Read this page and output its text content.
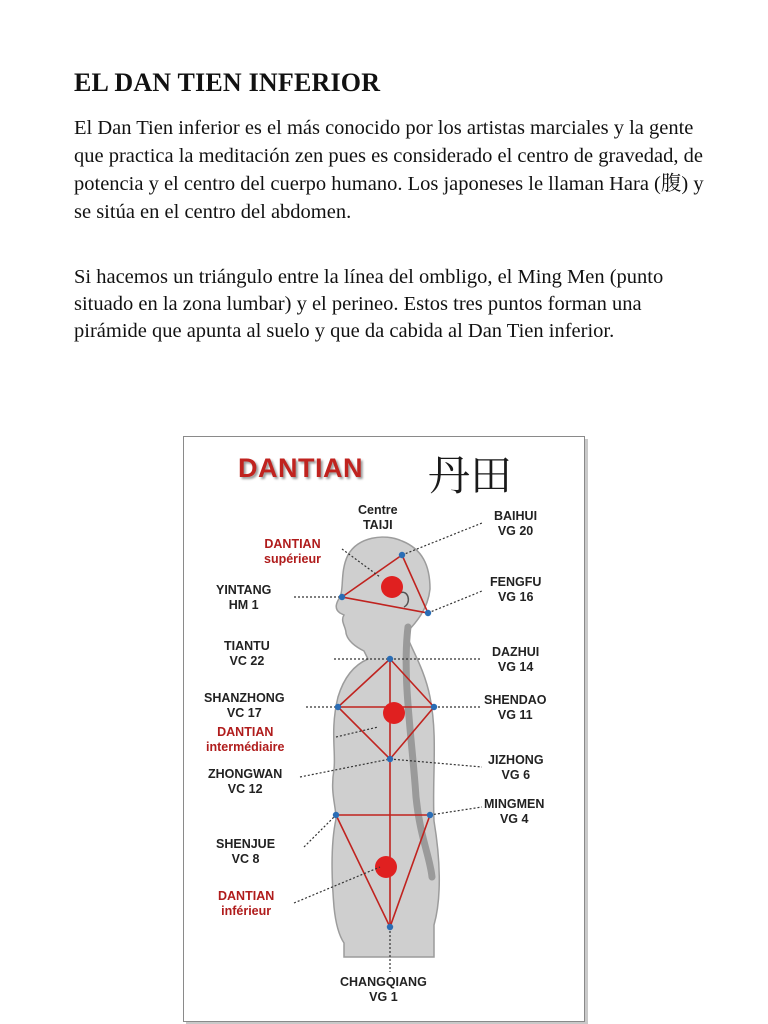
EL DAN TIEN INFERIOR

El Dan Tien inferior es el más conocido por los artistas marciales y la gente que practica la meditación zen pues es considerado el centro de gravedad, de potencia y el centro del cuerpo humano. Los japoneses le llaman Hara (腹) y se sitúa en el centro del abdomen.

Si hacemos un triángulo entre la línea del ombligo, el Ming Men (punto situado en la zona lumbar) y el perineo. Estos tres puntos forman una pirámide que apunta al suelo y que da cabida al Dan Tien inferior.

DANTIAN 丹田
Centre
TAIJI
DANTIAN
supérieur
YINTANG
HM 1
TIANTU
VC 22
SHANZHONG
VC 17
DANTIAN
intermédiaire
ZHONGWAN
VC 12
SHENJUE
VC 8
DANTIAN
inférieur
BAIHUI
VG 20
FENGFU
VG 16
DAZHUI
VG 14
SHENDAO
VG 11
JIZHONG
VG 6
MINGMEN
VG 4
CHANGQIANG
VG 1
